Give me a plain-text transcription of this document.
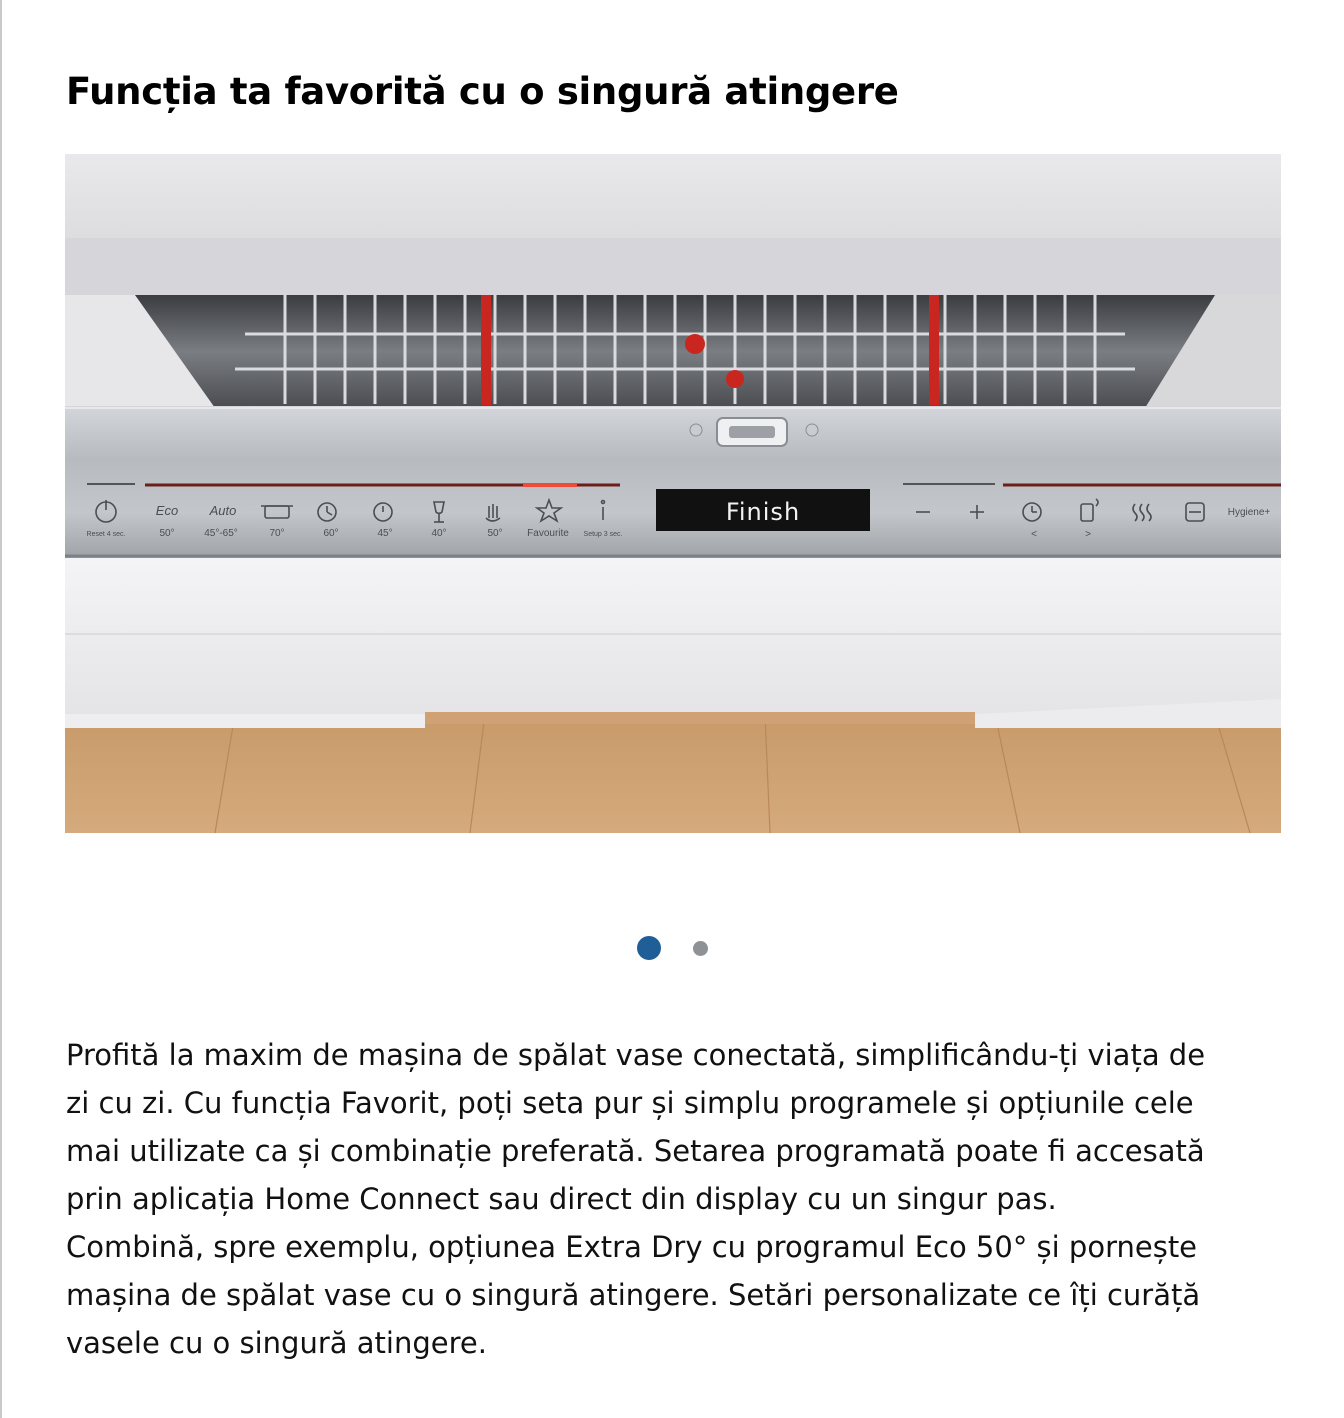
Funcția ta favorită cu o singură atingere
Eco Auto
Reset 4 sec.	50°	45°-65°	70°	60°	45°	40°	50° Favourite Setup 3 sec.
Finish
<	>
Hygiene+

Profită la maxim de mașina de spălat vase conectată, simplificându-ți viața de
zi cu zi. Cu funcția Favorit, poți seta pur și simplu programele și opțiunile cele
mai utilizate ca și combinație preferată. Setarea programată poate fi accesată
prin aplicația Home Connect sau direct din display cu un singur pas.
Combină, spre exemplu, opțiunea Extra Dry cu programul Eco 50° și pornește
mașina de spălat vase cu o singură atingere. Setări personalizate ce îți curăță
vasele cu o singură atingere.
